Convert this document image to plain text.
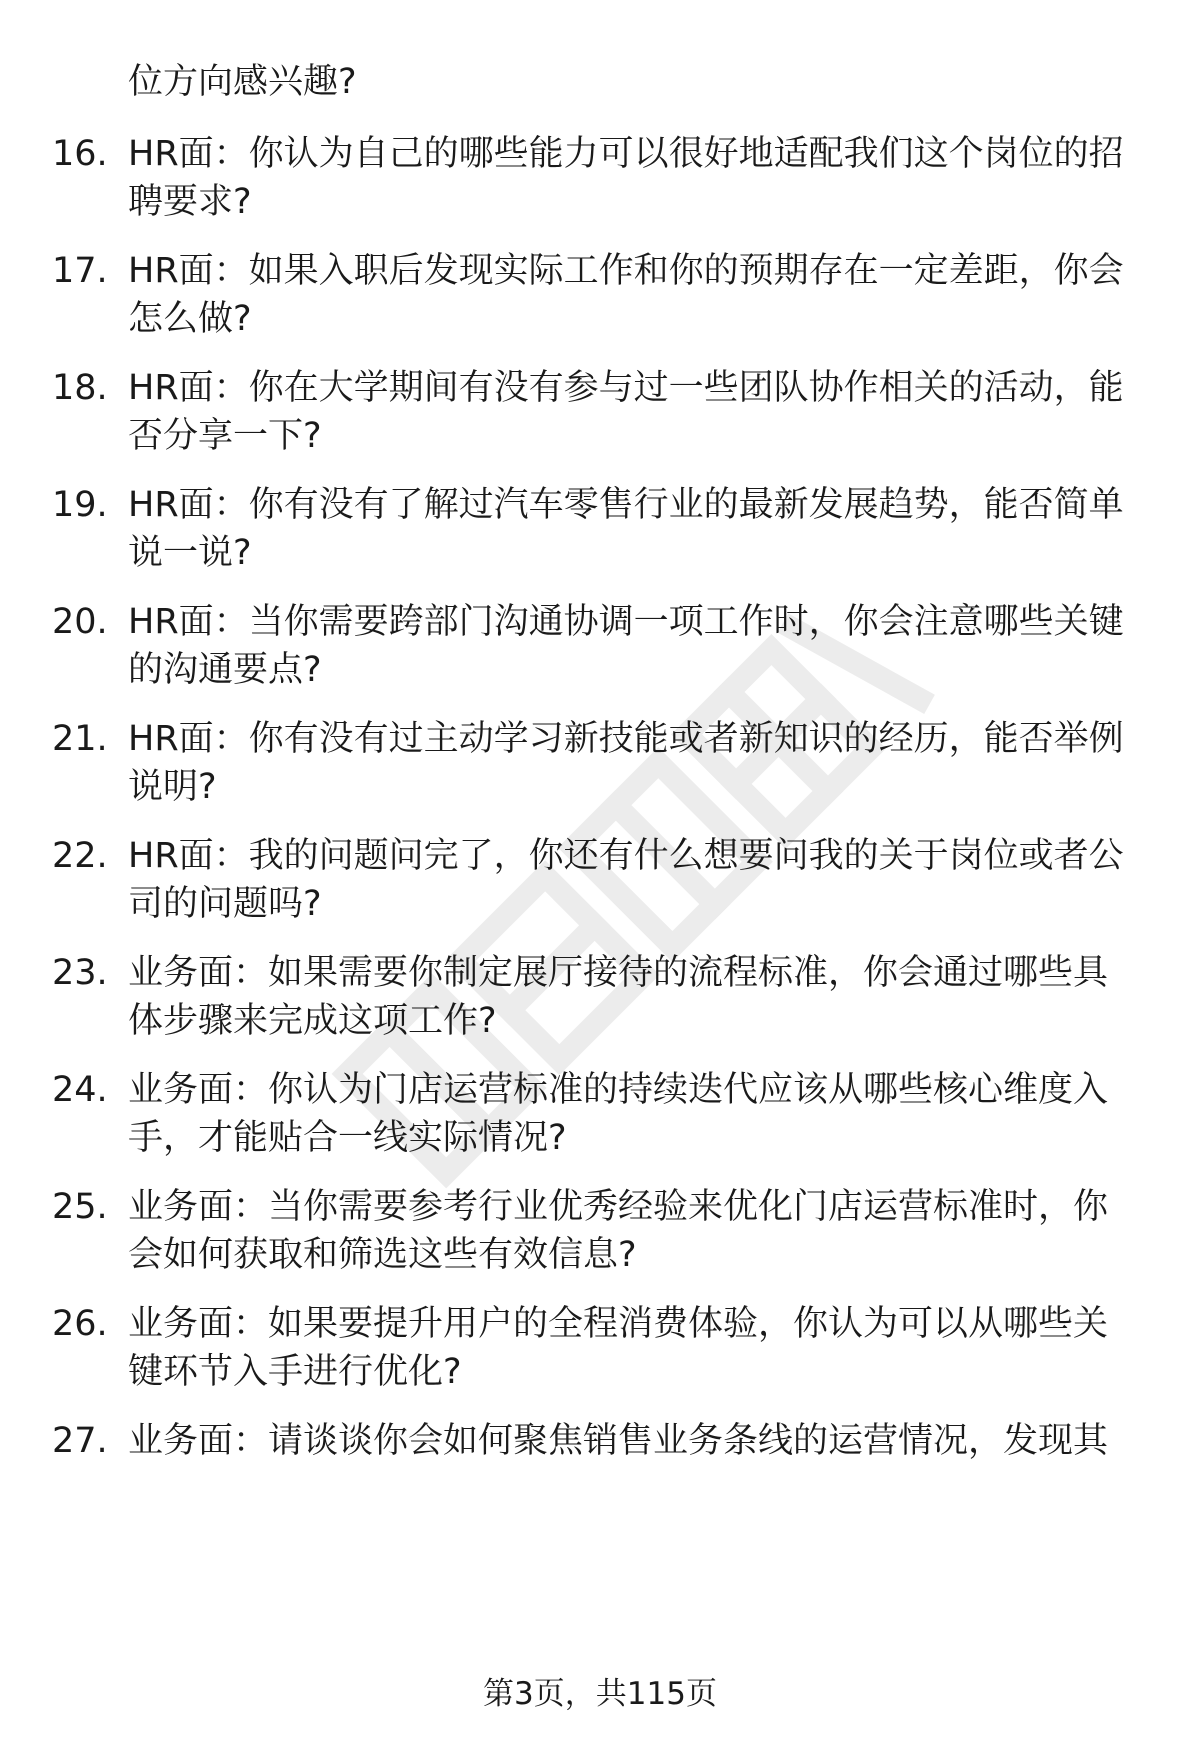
位方向感兴趣?
16. HR面：你认为自己的哪些能力可以很好地适配我们这个岗位的招
聘要求?
17. HR面：如果入职后发现实际工作和你的预期存在一定差距，你会
怎么做?
18. HR面：你在大学期间有没有参与过一些团队协作相关的活动，能
否分享一下?
19. HR面：你有没有了解过汽车零售行业的最新发展趋势，能否简单
说一说?
20. HR面：当你需要跨部门沟通协调一项工作时，你会注意哪些关键
的沟通要点?
21. HR面：你有没有过主动学习新技能或者新知识的经历，能否举例
说明?
22. HR面：我的问题问完了，你还有什么想要问我的关于岗位或者公
司的问题吗?
23. 业务面：如果需要你制定展厅接待的流程标准，你会通过哪些具
体步骤来完成这项工作?
24. 业务面：你认为门店运营标准的持续迭代应该从哪些核心维度入
手，才能贴合一线实际情况?
25. 业务面：当你需要参考行业优秀经验来优化门店运营标准时，你
会如何获取和筛选这些有效信息?
26. 业务面：如果要提升用户的全程消费体验，你认为可以从哪些关
键环节入手进行优化?
27. 业务面：请谈谈你会如何聚焦销售业务条线的运营情况，发现其
第3页，共115页
